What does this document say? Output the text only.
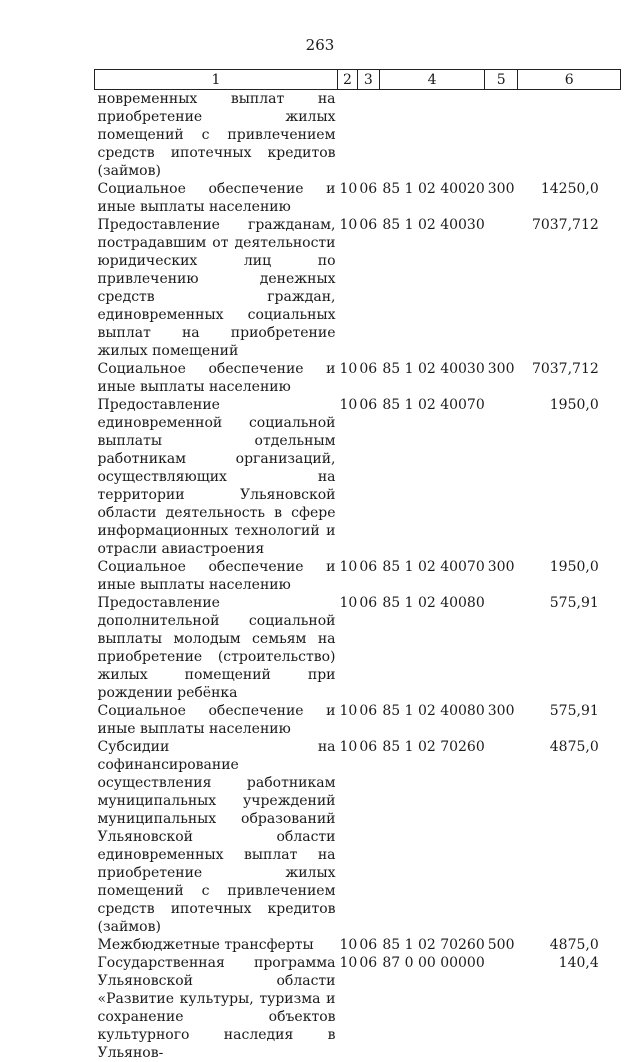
263
1	2	3	4	5	6
новременных выплат на приобретение жилых помещений с привлечением средств ипотечных кредитов (займов)					
Социальное обеспечение и иные выплаты населению	10	06	85 1 02 40020	300	14250,0
Предоставление гражданам, пострадавшим от деятельности юридических лиц по привлечению денежных средств граждан, единовременных социальных выплат на приобретение жилых помещений	10	06	85 1 02 40030		7037,712
Социальное обеспечение и иные выплаты населению	10	06	85 1 02 40030	300	7037,712
Предоставление единовременной социальной выплаты отдельным работникам организаций, осуществляющих на территории Ульяновской области деятельность в сфере информационных технологий и отрасли авиастроения	10	06	85 1 02 40070		1950,0
Социальное обеспечение и иные выплаты населению	10	06	85 1 02 40070	300	1950,0
Предоставление дополнительной социальной выплаты молодым семьям на приобретение (строительство) жилых помещений при рождении ребёнка	10	06	85 1 02 40080		575,91
Социальное обеспечение и иные выплаты населению	10	06	85 1 02 40080	300	575,91
Субсидии на софинансирование осуществления работникам муниципальных учреждений муниципальных образований Ульяновской области единовременных выплат на приобретение жилых помещений с привлечением средств ипотечных кредитов (займов)	10	06	85 1 02 70260		4875,0
Межбюджетные трансферты	10	06	85 1 02 70260	500	4875,0
Государственная программа Ульяновской области «Развитие культуры, туризма и сохранение объектов культурного наследия в Ульянов-	10	06	87 0 00 00000		140,4
